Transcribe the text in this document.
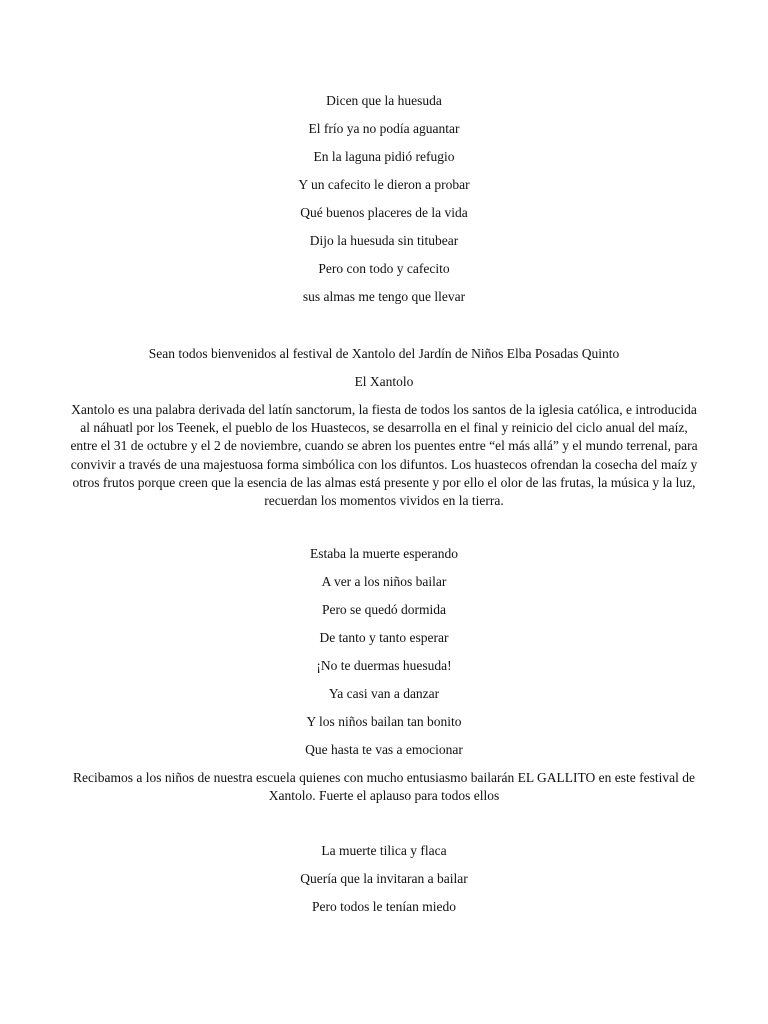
Dicen que la huesuda
El frío ya no podía aguantar
En la laguna pidió refugio
Y un cafecito le dieron a probar
Qué buenos placeres de la vida
Dijo la huesuda sin titubear
Pero con todo y cafecito
sus almas me tengo que llevar
Sean todos bienvenidos al festival de Xantolo del Jardín de Niños Elba Posadas Quinto
El Xantolo
Xantolo es una palabra derivada del latín sanctorum, la fiesta de todos los santos de la iglesia católica, e introducida al náhuatl por los Teenek, el pueblo de los Huastecos, se desarrolla en el final y reinicio del ciclo anual del maíz, entre el 31 de octubre y el 2 de noviembre, cuando se abren los puentes entre “el más allá” y el mundo terrenal, para convivir a través de una majestuosa forma simbólica con los difuntos. Los huastecos ofrendan la cosecha del maíz y otros frutos porque creen que la esencia de las almas está presente y por ello el olor de las frutas, la música y la luz, recuerdan los momentos vividos en la tierra.
Estaba la muerte esperando
A ver a los niños bailar
Pero se quedó dormida
De tanto y tanto esperar
¡No te duermas huesuda!
Ya casi van a danzar
Y los niños bailan tan bonito
Que hasta te vas a emocionar
Recibamos a los niños de nuestra escuela quienes con mucho entusiasmo bailarán EL GALLITO en este festival de Xantolo. Fuerte el aplauso para todos ellos
La muerte tilica y flaca
Quería que la invitaran a bailar
Pero todos le tenían miedo
